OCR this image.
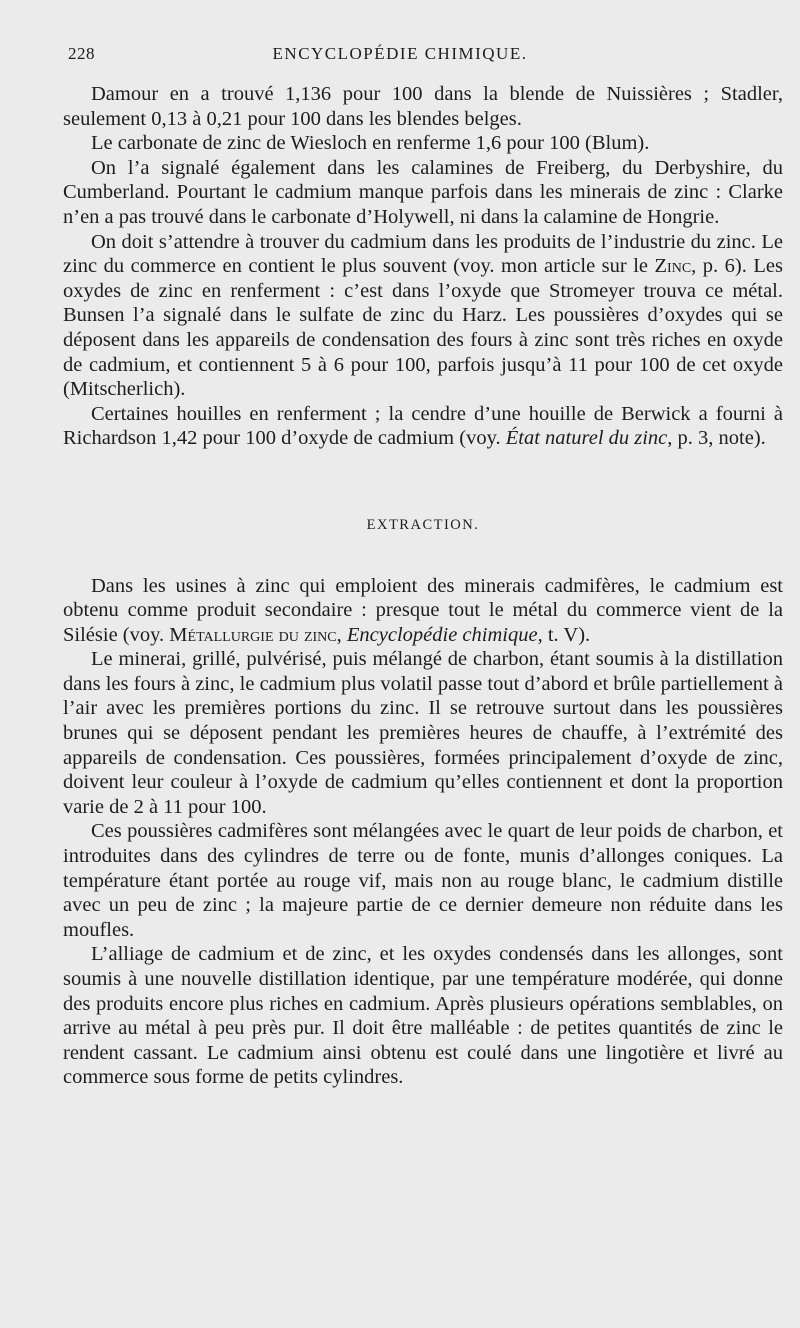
228	ENCYCLOPÉDIE CHIMIQUE.

Damour en a trouvé 1,136 pour 100 dans la blende de Nuissières ; Stadler, seulement 0,13 à 0,21 pour 100 dans les blendes belges.

Le carbonate de zinc de Wiesloch en renferme 1,6 pour 100 (Blum).

On l’a signalé également dans les calamines de Freiberg, du Derbyshire, du Cumberland. Pourtant le cadmium manque parfois dans les minerais de zinc : Clarke n’en a pas trouvé dans le carbonate d’Holywell, ni dans la calamine de Hongrie.

On doit s’attendre à trouver du cadmium dans les produits de l’industrie du zinc. Le zinc du commerce en contient le plus souvent (voy. mon article sur le Zinc, p. 6). Les oxydes de zinc en renferment : c’est dans l’oxyde que Stromeyer trouva ce métal. Bunsen l’a signalé dans le sulfate de zinc du Harz. Les poussières d’oxydes qui se déposent dans les appareils de condensation des fours à zinc sont très riches en oxyde de cadmium, et contiennent 5 à 6 pour 100, parfois jusqu’à 11 pour 100 de cet oxyde (Mitscherlich).

Certaines houilles en renferment ; la cendre d’une houille de Berwick a fourni à Richardson 1,42 pour 100 d’oxyde de cadmium (voy. État naturel du zinc, p. 3, note).

EXTRACTION.

Dans les usines à zinc qui emploient des minerais cadmifères, le cadmium est obtenu comme produit secondaire : presque tout le métal du commerce vient de la Silésie (voy. Métallurgie du zinc, Encyclopédie chimique, t. V).

Le minerai, grillé, pulvérisé, puis mélangé de charbon, étant soumis à la distillation dans les fours à zinc, le cadmium plus volatil passe tout d’abord et brûle partiellement à l’air avec les premières portions du zinc. Il se retrouve surtout dans les poussières brunes qui se déposent pendant les premières heures de chauffe, à l’extrémité des appareils de condensation. Ces poussières, formées principalement d’oxyde de zinc, doivent leur couleur à l’oxyde de cadmium qu’elles contiennent et dont la proportion varie de 2 à 11 pour 100.

Ces poussières cadmifères sont mélangées avec le quart de leur poids de charbon, et introduites dans des cylindres de terre ou de fonte, munis d’allonges coniques. La température étant portée au rouge vif, mais non au rouge blanc, le cadmium distille avec un peu de zinc ; la majeure partie de ce dernier demeure non réduite dans les moufles.

L’alliage de cadmium et de zinc, et les oxydes condensés dans les allonges, sont soumis à une nouvelle distillation identique, par une température modérée, qui donne des produits encore plus riches en cadmium. Après plusieurs opérations semblables, on arrive au métal à peu près pur. Il doit être malléable : de petites quantités de zinc le rendent cassant. Le cadmium ainsi obtenu est coulé dans une lingotière et livré au commerce sous forme de petits cylindres.
